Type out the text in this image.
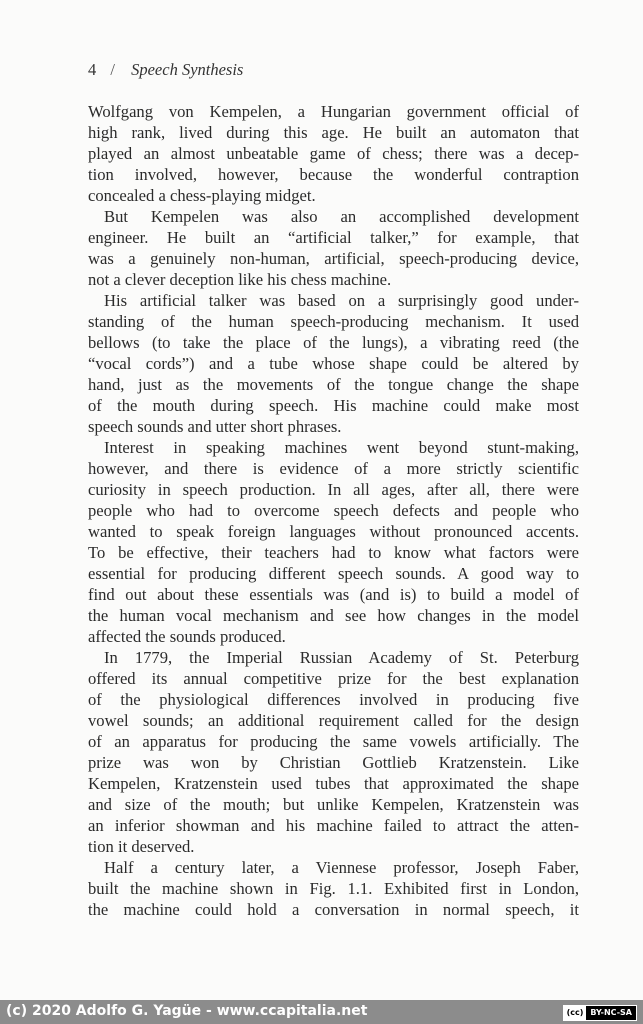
4 / Speech Synthesis
Wolfgang von Kempelen, a Hungarian government official of
high rank, lived during this age. He built an automaton that
played an almost unbeatable game of chess; there was a decep-
tion involved, however, because the wonderful contraption
concealed a chess-playing midget.
But Kempelen was also an accomplished development
engineer. He built an “artificial talker,” for example, that
was a genuinely non-human, artificial, speech-producing device,
not a clever deception like his chess machine.
His artificial talker was based on a surprisingly good under-
standing of the human speech-producing mechanism. It used
bellows (to take the place of the lungs), a vibrating reed (the
“vocal cords”) and a tube whose shape could be altered by
hand, just as the movements of the tongue change the shape
of the mouth during speech. His machine could make most
speech sounds and utter short phrases.
Interest in speaking machines went beyond stunt-making,
however, and there is evidence of a more strictly scientific
curiosity in speech production. In all ages, after all, there were
people who had to overcome speech defects and people who
wanted to speak foreign languages without pronounced accents.
To be effective, their teachers had to know what factors were
essential for producing different speech sounds. A good way to
find out about these essentials was (and is) to build a model of
the human vocal mechanism and see how changes in the model
affected the sounds produced.
In 1779, the Imperial Russian Academy of St. Peterburg
offered its annual competitive prize for the best explanation
of the physiological differences involved in producing five
vowel sounds; an additional requirement called for the design
of an apparatus for producing the same vowels artificially. The
prize was won by Christian Gottlieb Kratzenstein. Like
Kempelen, Kratzenstein used tubes that approximated the shape
and size of the mouth; but unlike Kempelen, Kratzenstein was
an inferior showman and his machine failed to attract the atten-
tion it deserved.
Half a century later, a Viennese professor, Joseph Faber,
built the machine shown in Fig. 1.1. Exhibited first in London,
the machine could hold a conversation in normal speech, it
(c) 2020 Adolfo G. Yagüe - www.ccapitalia.net	(cc) BY-NC-SA
